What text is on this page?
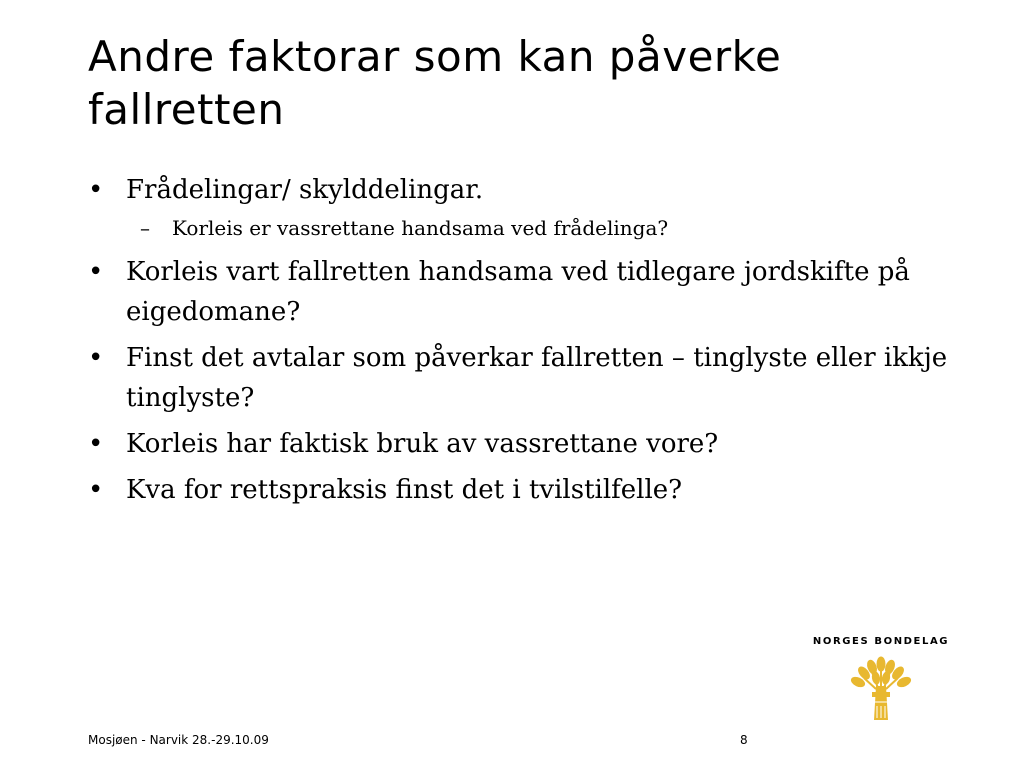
Andre faktorar som kan påverke fallretten
• Frådelingar/ skylddelingar.
– Korleis er vassrettane handsama ved frådelinga?
• Korleis vart fallretten handsama ved tidlegare jordskifte på eigedomane?
• Finst det avtalar som påverkar fallretten – tinglyste eller ikkje tinglyste?
• Korleis har faktisk bruk av vassrettane vore?
• Kva for rettspraksis finst det i tvilstilfelle?
NORGES BONDELAG
Mosjøen - Narvik 28.-29.10.09	8
